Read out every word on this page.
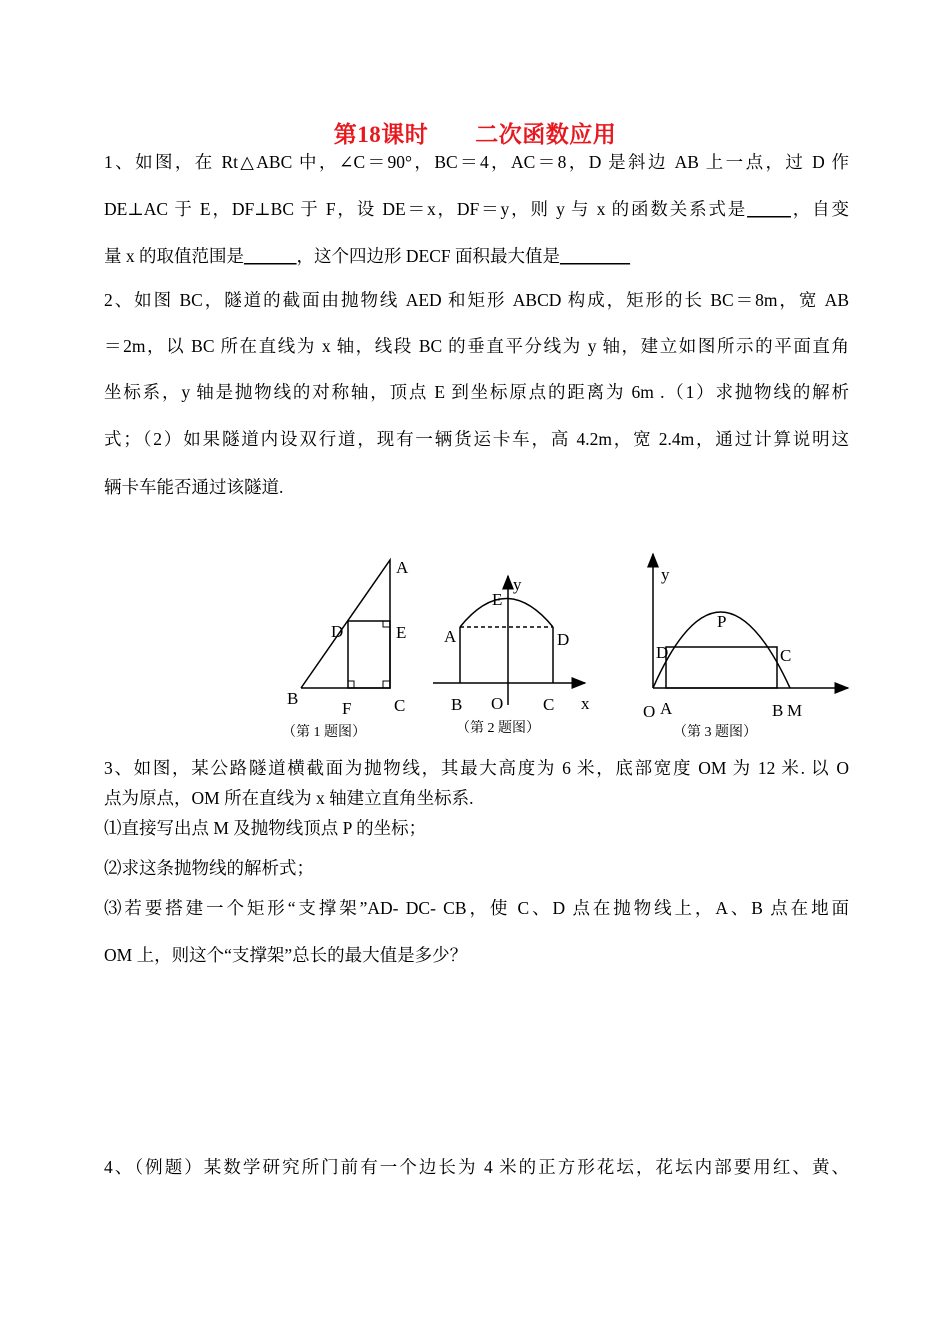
第18课时　　二次函数应用
1、如图，在 Rt△ABC 中，∠C＝90°，BC＝4，AC＝8，D 是斜边 AB 上一点，过 D 作
DE⊥AC 于 E，DF⊥BC 于 F，设 DE＝x，DF＝y，则 y 与 x 的函数关系式是_____，自变
量 x 的取值范围是______，这个四边形 DECF 面积最大值是________
2、如图 BC，隧道的截面由抛物线 AED 和矩形 ABCD 构成，矩形的长 BC＝8m，宽 AB
＝2m，以 BC 所在直线为 x 轴，线段 BC 的垂直平分线为 y 轴，建立如图所示的平面直角
坐标系，y 轴是抛物线的对称轴，顶点 E 到坐标原点的距离为 6m .（1）求抛物线的解析
式；（2）如果隧道内设双行道，现有一辆货运卡车，高 4.2m，宽 2.4m，通过计算说明这
辆卡车能否通过该隧道.
A
D	E
B
F	C
（第 1 题图）
E
y
A	D
B O C x
（第 2 题图）
y
P
D	C
O A	B M
（第 3 题图）
3、如图，某公路隧道横截面为抛物线，其最大高度为 6 米，底部宽度 OM 为 12 米. 以 O
点为原点，OM 所在直线为 x 轴建立直角坐标系.
⑴直接写出点 M 及抛物线顶点 P 的坐标；
⑵求这条抛物线的解析式；
⑶若要搭建一个矩形“支撑架”AD- DC- CB，使 C、D 点在抛物线上，A、B 点在地面
OM 上，则这个“支撑架”总长的最大值是多少？
4、（例题）某数学研究所门前有一个边长为 4 米的正方形花坛，花坛内部要用红、黄、
